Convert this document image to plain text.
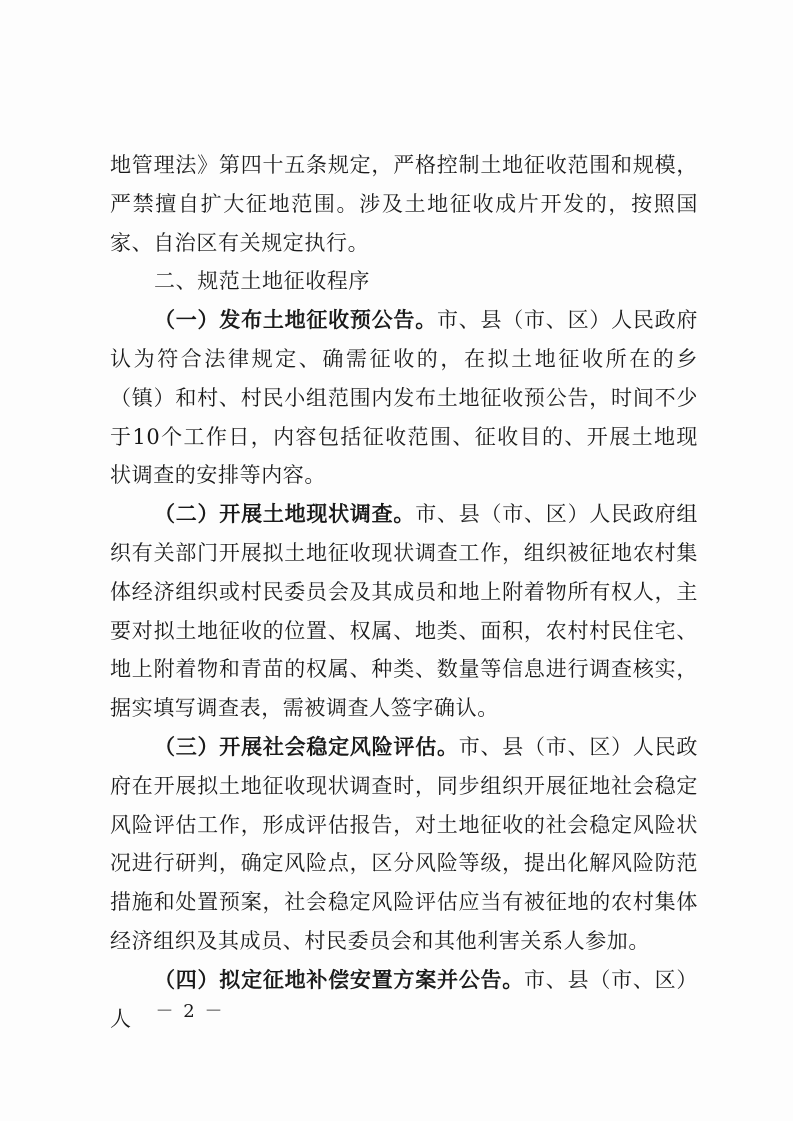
地管理法》第四十五条规定，严格控制土地征收范围和规模，严禁擅自扩大征地范围。涉及土地征收成片开发的，按照国家、自治区有关规定执行。

二、规范土地征收程序

（一）发布土地征收预公告。市、县（市、区）人民政府认为符合法律规定、确需征收的，在拟土地征收所在的乡（镇）和村、村民小组范围内发布土地征收预公告，时间不少于10个工作日，内容包括征收范围、征收目的、开展土地现状调查的安排等内容。

（二）开展土地现状调查。市、县（市、区）人民政府组织有关部门开展拟土地征收现状调查工作，组织被征地农村集体经济组织或村民委员会及其成员和地上附着物所有权人，主要对拟土地征收的位置、权属、地类、面积，农村村民住宅、地上附着物和青苗的权属、种类、数量等信息进行调查核实，据实填写调查表，需被调查人签字确认。

（三）开展社会稳定风险评估。市、县（市、区）人民政府在开展拟土地征收现状调查时，同步组织开展征地社会稳定风险评估工作，形成评估报告，对土地征收的社会稳定风险状况进行研判，确定风险点，区分风险等级，提出化解风险防范措施和处置预案，社会稳定风险评估应当有被征地的农村集体经济组织及其成员、村民委员会和其他利害关系人参加。

（四）拟定征地补偿安置方案并公告。市、县（市、区）人	－ 2 －
